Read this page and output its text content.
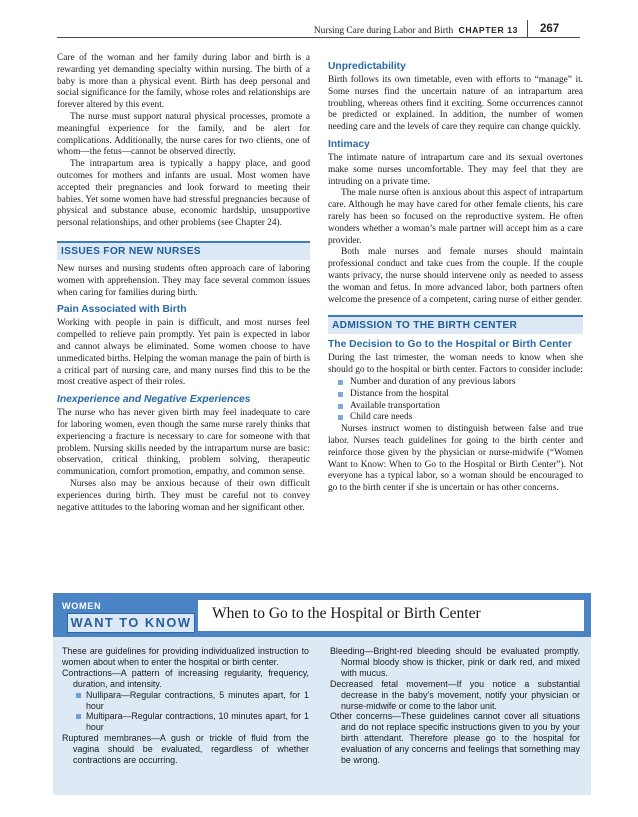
Nursing Care during Labor and Birth CHAPTER 13 267

Care of the woman and her family during labor and birth is a rewarding yet demanding specialty within nursing. The birth of a baby is more than a physical event. Birth has deep personal and social significance for the family, whose roles and relationships are forever altered by this event.

The nurse must support natural physical processes, promote a meaningful experience for the family, and be alert for complications. Additionally, the nurse cares for two clients, one of whom—the fetus—cannot be observed directly.

The intrapartum area is typically a happy place, and good outcomes for mothers and infants are usual. Most women have accepted their pregnancies and look forward to meeting their babies. Yet some women have had stressful pregnancies because of physical and substance abuse, economic hardship, unsupportive personal relationships, and other problems (see Chapter 24).

ISSUES FOR NEW NURSES

New nurses and nursing students often approach care of laboring women with apprehension. They may face several common issues when caring for families during birth.

Pain Associated with Birth

Working with people in pain is difficult, and most nurses feel compelled to relieve pain promptly. Yet pain is expected in labor and cannot always be eliminated. Some women choose to have unmedicated births. Helping the woman manage the pain of birth is a critical part of nursing care, and many nurses find this to be the most creative aspect of their roles.

Inexperience and Negative Experiences

The nurse who has never given birth may feel inadequate to care for laboring women, even though the same nurse rarely thinks that experiencing a fracture is necessary to care for someone with that problem. Nursing skills needed by the intrapartum nurse are basic: observation, critical thinking, problem solving, therapeutic communication, comfort promotion, empathy, and common sense.

Nurses also may be anxious because of their own difficult experiences during birth. They must be careful not to convey negative attitudes to the laboring woman and her significant other.

Unpredictability

Birth follows its own timetable, even with efforts to “manage” it. Some nurses find the uncertain nature of an intrapartum area troubling, whereas others find it exciting. Some occurrences cannot be predicted or explained. In addition, the number of women needing care and the levels of care they require can change quickly.

Intimacy

The intimate nature of intrapartum care and its sexual overtones make some nurses uncomfortable. They may feel that they are intruding on a private time.

The male nurse often is anxious about this aspect of intrapartum care. Although he may have cared for other female clients, his care rarely has been so focused on the reproductive system. He often wonders whether a woman’s male partner will accept him as a care provider.

Both male nurses and female nurses should maintain professional conduct and take cues from the couple. If the couple wants privacy, the nurse should intervene only as needed to assess the woman and fetus. In more advanced labor, both partners often welcome the presence of a competent, caring nurse of either gender.

ADMISSION TO THE BIRTH CENTER
The Decision to Go to the Hospital or Birth Center

During the last trimester, the woman needs to know when she should go to the hospital or birth center. Factors to consider include:

Number and duration of any previous labors
Distance from the hospital
Available transportation
Child care needs

Nurses instruct women to distinguish between false and true labor. Nurses teach guidelines for going to the birth center and reinforce those given by the physician or nurse-midwife (“Women Want to Know: When to Go to the Hospital or Birth Center”). Not everyone has a typical labor, so a woman should be encouraged to go to the birth center if she is uncertain or has other concerns.

WOMEN
WANT TO KNOW
When to Go to the Hospital or Birth Center

These are guidelines for providing individualized instruction to women about when to enter the hospital or birth center.

Contractions—A pattern of increasing regularity, frequency, duration, and intensity.

Nullipara—Regular contractions, 5 minutes apart, for 1 hour
Multipara—Regular contractions, 10 minutes apart, for 1 hour

Ruptured membranes—A gush or trickle of fluid from the vagina should be evaluated, regardless of whether contractions are occurring.

Bleeding—Bright-red bleeding should be evaluated promptly. Normal bloody show is thicker, pink or dark red, and mixed with mucus.

Decreased fetal movement—If you notice a substantial decrease in the baby’s movement, notify your physician or nurse-midwife or come to the labor unit.

Other concerns—These guidelines cannot cover all situations and do not replace specific instructions given to you by your birth attendant. Therefore please go to the hospital for evaluation of any concerns and feelings that something may be wrong.
